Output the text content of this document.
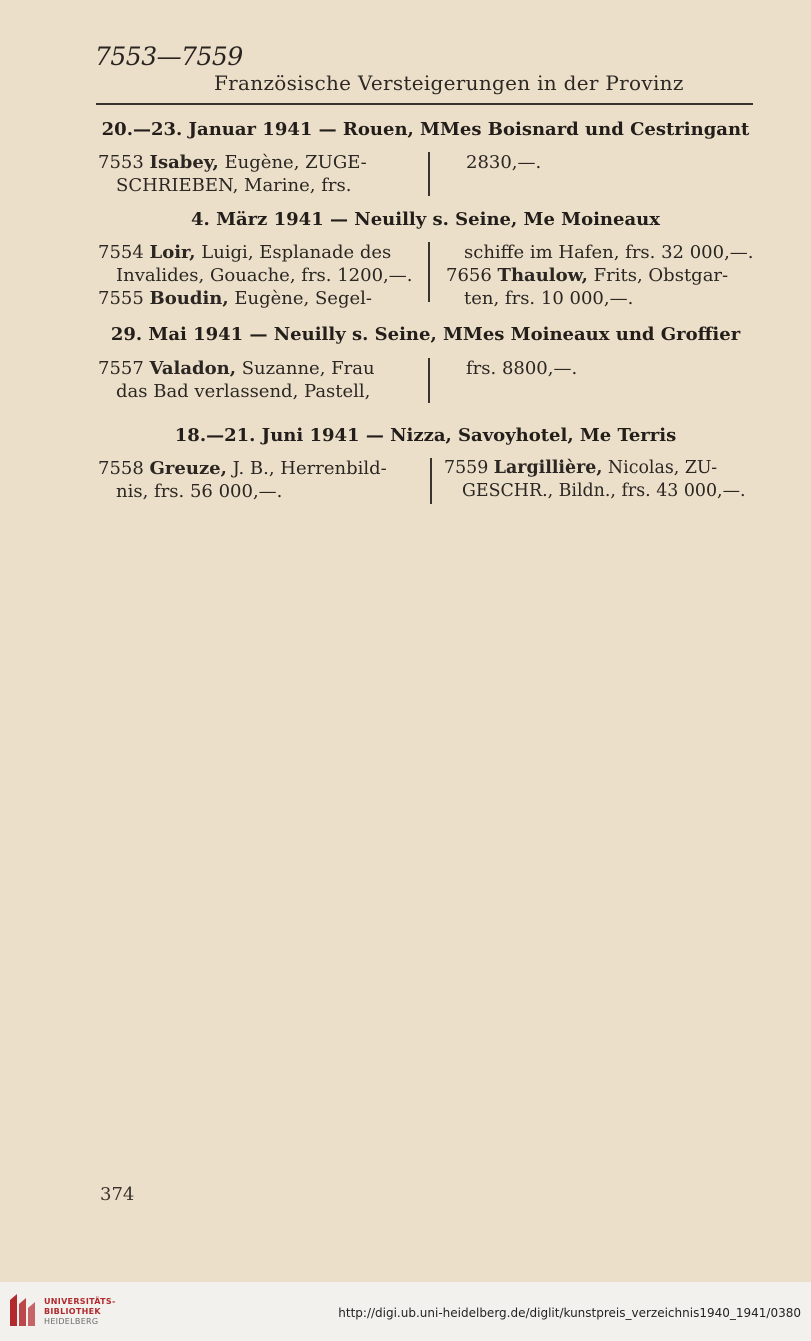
7553—7559
Französische Versteigerungen in der Provinz
20.—23. Januar 1941 — Rouen, MMes Boisnard und Cestringant
7553 Isabey, Eugène, ZUGE-
SCHRIEBEN, Marine, frs.
2830,—.
4. März 1941 — Neuilly s. Seine, Me Moineaux
7554 Loir, Luigi, Esplanade des
Invalides, Gouache, frs. 1200,—.
7555 Boudin, Eugène, Segel-
schiffe im Hafen, frs. 32 000,—.
7656 Thaulow, Frits, Obstgar-
ten, frs. 10 000,—.
29. Mai 1941 — Neuilly s. Seine, MMes Moineaux und Groffier
7557 Valadon, Suzanne, Frau
das Bad verlassend, Pastell,
frs. 8800,—.
18.—21. Juni 1941 — Nizza, Savoyhotel, Me Terris
7558 Greuze, J. B., Herrenbild-
nis, frs. 56 000,—.
7559 Largillière, Nicolas, ZU-
GESCHR., Bildn., frs. 43 000,—.
374
UNIVERSITÄTS-
BIBLIOTHEK
HEIDELBERG
http://digi.ub.uni-heidelberg.de/diglit/kunstpreis_verzeichnis1940_1941/0380
